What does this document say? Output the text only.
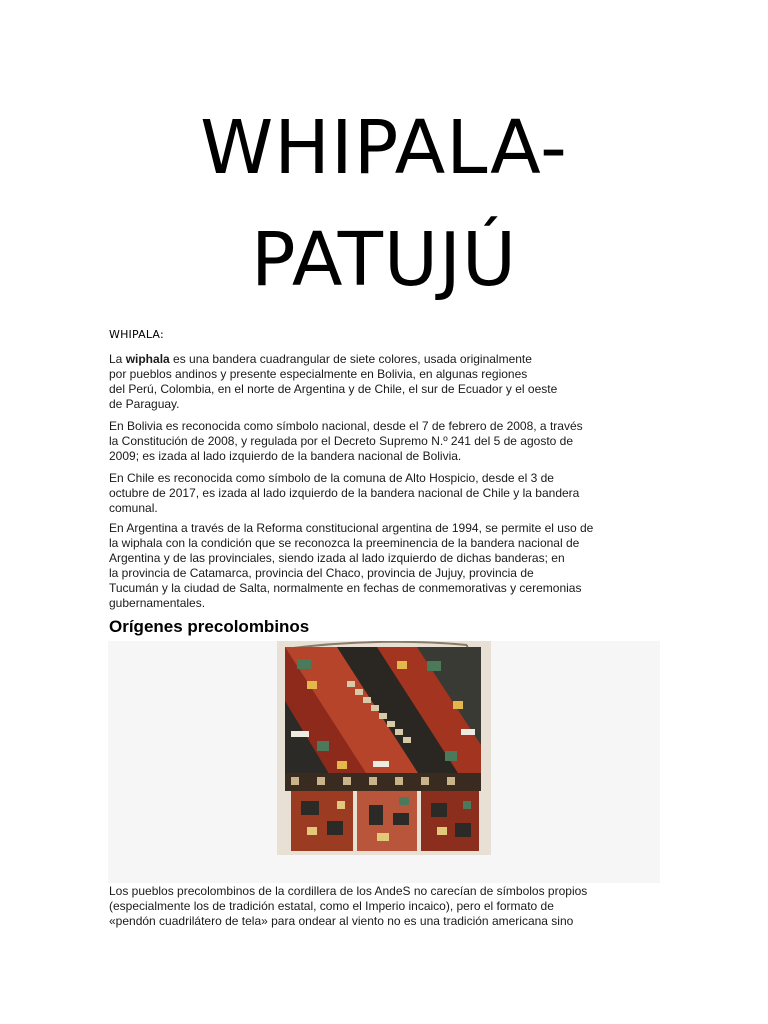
WHIPALA-
PATUJÚ
WHIPALA:
La wiphala es una bandera cuadrangular de siete colores, usada originalmente
por pueblos andinos y presente especialmente en Bolivia, en algunas regiones
del Perú, Colombia, en el norte de Argentina y de Chile, el sur de Ecuador y el oeste
de Paraguay.
En Bolivia es reconocida como símbolo nacional, desde el 7 de febrero de 2008, a través
la Constitución de 2008, y regulada por el Decreto Supremo N.º 241 del 5 de agosto de
2009; es izada al lado izquierdo de la bandera nacional de Bolivia.
En Chile es reconocida como símbolo de la comuna de Alto Hospicio, desde el 3 de
octubre de 2017, es izada al lado izquierdo de la bandera nacional de Chile y la bandera
comunal.
En Argentina a través de la Reforma constitucional argentina de 1994, se permite el uso de
la wiphala con la condición que se reconozca la preeminencia de la bandera nacional de
Argentina y de las provinciales, siendo izada al lado izquierdo de dichas banderas; en
la provincia de Catamarca, provincia del Chaco, provincia de Jujuy, provincia de
Tucumán y la ciudad de Salta, normalmente en fechas de conmemorativas y ceremonias
gubernamentales.
Orígenes precolombinos
Los pueblos precolombinos de la cordillera de los AndeS no carecían de símbolos propios
(especialmente los de tradición estatal, como el Imperio incaico), pero el formato de
«pendón cuadrilátero de tela» para ondear al viento no es una tradición americana sino
